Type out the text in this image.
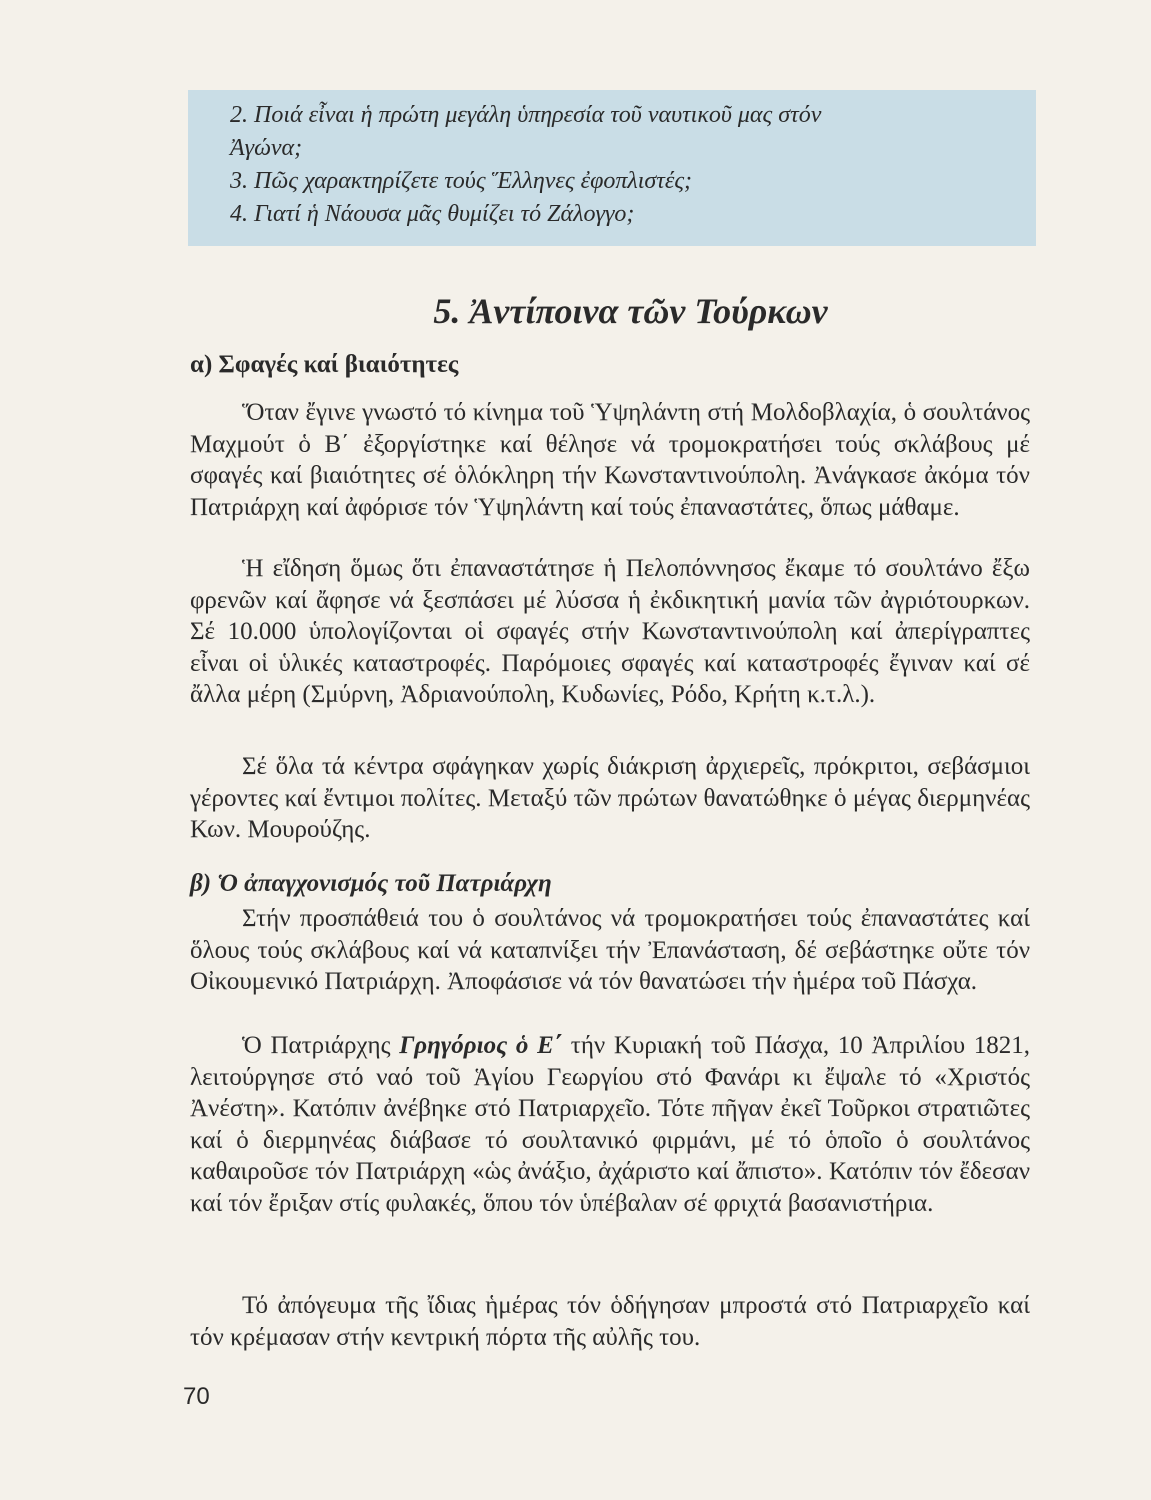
2. Ποιά εἶναι ἡ πρώτη μεγάλη ὑπηρεσία τοῦ ναυτικοῦ μας στόν

Ἀγώνα;

3. Πῶς χαρακτηρίζετε τούς Ἕλληνες ἐφοπλιστές;

4. Γιατί ἡ Νάουσα μᾶς θυμίζει τό Ζάλογγο;

5. Ἀντίποινα τῶν Τούρκων
α) Σφαγές καί βιαιότητες

Ὅταν ἔγινε γνωστό τό κίνημα τοῦ Ὑψηλάντη στή Μολδοβλαχία, ὁ σουλτάνος Μαχμούτ ὁ Β΄ ἐξοργίστηκε καί θέλησε νά τρομοκρατήσει τούς σκλάβους μέ σφαγές καί βιαιότητες σέ ὁλόκληρη τήν Κωνσταντινούπολη. Ἀνάγκασε ἀκόμα τόν Πατριάρχη καί ἀφόρισε τόν Ὑψηλάντη καί τούς ἐπαναστάτες, ὅπως μάθαμε.

Ἡ εἴδηση ὅμως ὅτι ἐπαναστάτησε ἡ Πελοπόννησος ἔκαμε τό σουλτάνο ἔξω φρενῶν καί ἄφησε νά ξεσπάσει μέ λύσσα ἡ ἐκδικητική μανία τῶν ἀγριότουρκων. Σέ 10.000 ὑπολογίζονται οἱ σφαγές στήν Κωνσταντινούπολη καί ἀπερίγραπτες εἶναι οἱ ὑλικές καταστροφές. Παρόμοιες σφαγές καί καταστροφές ἔγιναν καί σέ ἄλλα μέρη (Σμύρνη, Ἀδριανούπολη, Κυδωνίες, Ρόδο, Κρήτη κ.τ.λ.).

Σέ ὅλα τά κέντρα σφάγηκαν χωρίς διάκριση ἀρχιερεῖς, πρόκριτοι, σεβάσμιοι γέροντες καί ἔντιμοι πολίτες. Μεταξύ τῶν πρώτων θανατώθηκε ὁ μέγας διερμηνέας Κων. Μουρούζης.

β) Ὁ ἀπαγχονισμός τοῦ Πατριάρχη

Στήν προσπάθειά του ὁ σουλτάνος νά τρομοκρατήσει τούς ἐπαναστάτες καί ὅλους τούς σκλάβους καί νά καταπνίξει τήν Ἐπανάσταση, δέ σεβάστηκε οὔτε τόν Οἰκουμενικό Πατριάρχη. Ἀποφάσισε νά τόν θανατώσει τήν ἡμέρα τοῦ Πάσχα.

Ὁ Πατριάρχης Γρηγόριος ὁ Ε΄ τήν Κυριακή τοῦ Πάσχα, 10 Ἀπριλίου 1821, λειτούργησε στό ναό τοῦ Ἁγίου Γεωργίου στό Φανάρι κι ἔψαλε τό «Χριστός Ἀνέστη». Κατόπιν ἀνέβηκε στό Πατριαρχεῖο. Τότε πῆγαν ἐκεῖ Τοῦρκοι στρατιῶτες καί ὁ διερμηνέας διάβασε τό σουλτανικό φιρμάνι, μέ τό ὁποῖο ὁ σουλτάνος καθαιροῦσε τόν Πατριάρχη «ὡς ἀνάξιο, ἀχάριστο καί ἄπιστο». Κατόπιν τόν ἔδεσαν καί τόν ἔριξαν στίς φυλακές, ὅπου τόν ὑπέβαλαν σέ φριχτά βασανιστήρια.

Τό ἀπόγευμα τῆς ἴδιας ἡμέρας τόν ὁδήγησαν μπροστά στό Πατριαρχεῖο καί τόν κρέμασαν στήν κεντρική πόρτα τῆς αὐλῆς του.

70
